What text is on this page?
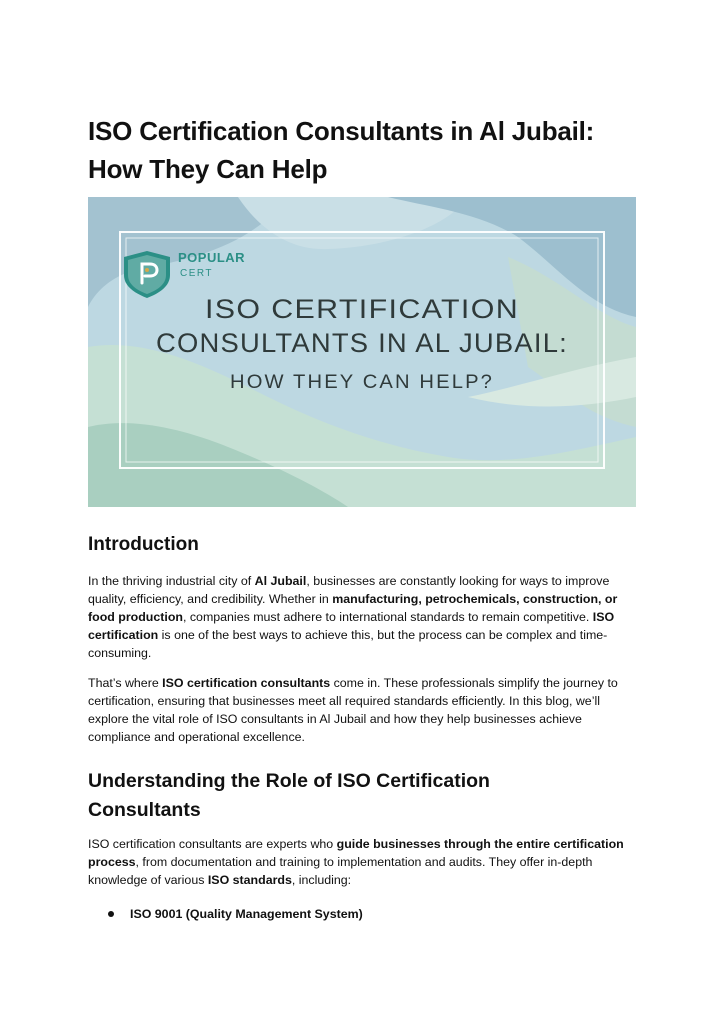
ISO Certification Consultants in Al Jubail: How They Can Help
POPULAR
CERT
ISO CERTIFICATION
CONSULTANTS IN AL JUBAIL:
HOW THEY CAN HELP?
Introduction

In the thriving industrial city of Al Jubail, businesses are constantly looking for ways to improve quality, efficiency, and credibility. Whether in manufacturing, petrochemicals, construction, or food production, companies must adhere to international standards to remain competitive. ISO certification is one of the best ways to achieve this, but the process can be complex and time-consuming.

That’s where ISO certification consultants come in. These professionals simplify the journey to certification, ensuring that businesses meet all required standards efficiently. In this blog, we’ll explore the vital role of ISO consultants in Al Jubail and how they help businesses achieve compliance and operational excellence.

Understanding the Role of ISO Certification Consultants

ISO certification consultants are experts who guide businesses through the entire certification process, from documentation and training to implementation and audits. They offer in-depth knowledge of various ISO standards, including:

ISO 9001 (Quality Management System)
